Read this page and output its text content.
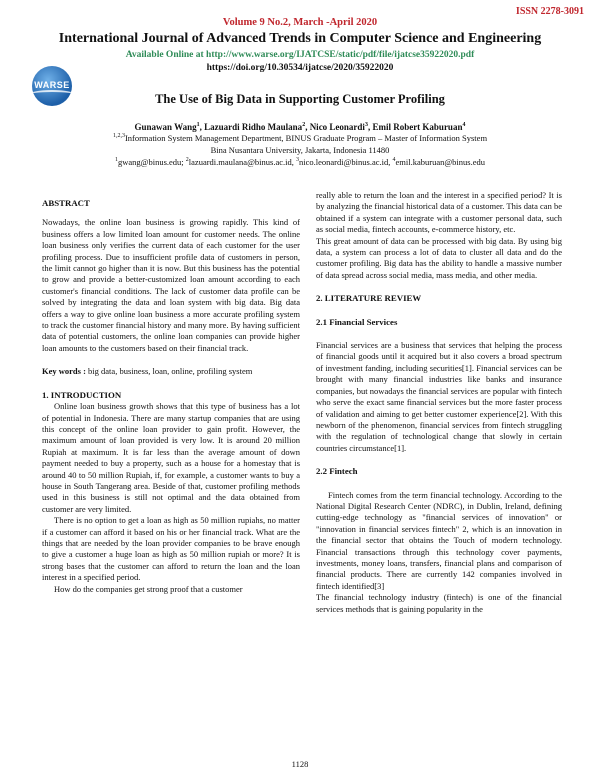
ISSN 2278-3091
Volume 9 No.2, March -April 2020
International Journal of Advanced Trends in Computer Science and Engineering
Available Online at http://www.warse.org/IJATCSE/static/pdf/file/ijatcse35922020.pdf
https://doi.org/10.30534/ijatcse/2020/35922020
WARSE
The Use of Big Data in Supporting Customer Profiling
Gunawan Wang$^1$, Lazuardi Ridho Maulana$^2$, Nico Leonardi$^3$, Emil Robert Kaburuan$^4$
$^{1,2,3}$Information System Management Department, BINUS Graduate Program – Master of Information System
Bina Nusantara University, Jakarta, Indonesia 11480
$^1$gwang@binus.edu; $^2$lazuardi.maulana@binus.ac.id, $^3$nico.leonardi@binus.ac.id, $^4$emil.kaburuan@binus.edu
ABSTRACT

Nowadays, the online loan business is growing rapidly. This kind of business offers a low limited loan amount for customer needs. The online loan business only verifies the current data of each customer for the user profiling process. Due to insufficient profile data of customers in person, the limit cannot go higher than it is now. But this business has the potential to grow and provide a better-customized loan amount according to each customer's financial conditions. The lack of customer data profile can be solved by integrating the data and loan system with big data. Big data offers a way to give online loan business a more accurate profiling system to track the customer financial history and many more. By having sufficient data of potential customers, the online loan companies can provide higher loan amounts to the customers based on their financial track.

Key words : big data, business, loan, online, profiling system

1. INTRODUCTION

Online loan business growth shows that this type of business has a lot of potential in Indonesia. There are many startup companies that are using this concept of the online loan provider to gain profit. However, the maximum amount of loan provided is very low. It is around 20 million Rupiah at maximum. It is far less than the average amount of down payment needed to buy a property, such as a house for a homestay that is around 40 to 50 million Rupiah, if, for example, a customer wants to buy a house in South Tangerang area. Beside of that, customer profiling methods used in this business is still not optimal and the data obtained from customer are very limited.

There is no option to get a loan as high as 50 million rupiahs, no matter if a customer can afford it based on his or her financial track. What are the things that are needed by the loan provider companies to be brave enough to give a customer a huge loan as high as 50 million rupiah or more? It is strong bases that the customer can afford to return the loan and the loan interest in a specified period.

How do the companies get strong proof that a customer

really able to return the loan and the interest in a specified period? It is by analyzing the financial historical data of a customer. This data can be obtained if a system can integrate with a customer personal data, such as social media, fintech accounts, e-commerce history, etc.

This great amount of data can be processed with big data. By using big data, a system can process a lot of data to cluster all data and do the customer profiling. Big data has the ability to handle a massive number of data spread across social media, mass media, and other media.

2. LITERATURE REVIEW
2.1 Financial Services

Financial services are a business that services that helping the process of financial goods until it acquired but it also covers a broad spectrum of investment fanding, including securities[1]. Financial services can be brought with many financial industries like banks and insurance companies, but nowadays the financial services are popular with fintech who serve the exact same financial services but the more faster process of validation and aiming to get better customer experience[2]. With this newborn of the phenomenon, financial services from fintech struggling with the regulation of technological change that slowly in certain countries circumstance[1].

2.2 Fintech

Fintech comes from the term financial technology. According to the National Digital Research Center (NDRC), in Dublin, Ireland, defining cutting-edge technology as "financial services of innovation" or "innovation in financial services fintech" 2, which is an innovation in the financial sector that obtains the Touch of modern technology. Financial transactions through this technology cover payments, investments, money loans, transfers, financial plans and comparison of financial products. There are currently 142 companies involved in fintech identified[3]

The financial technology industry (fintech) is one of the financial services methods that is gaining popularity in the

1128
